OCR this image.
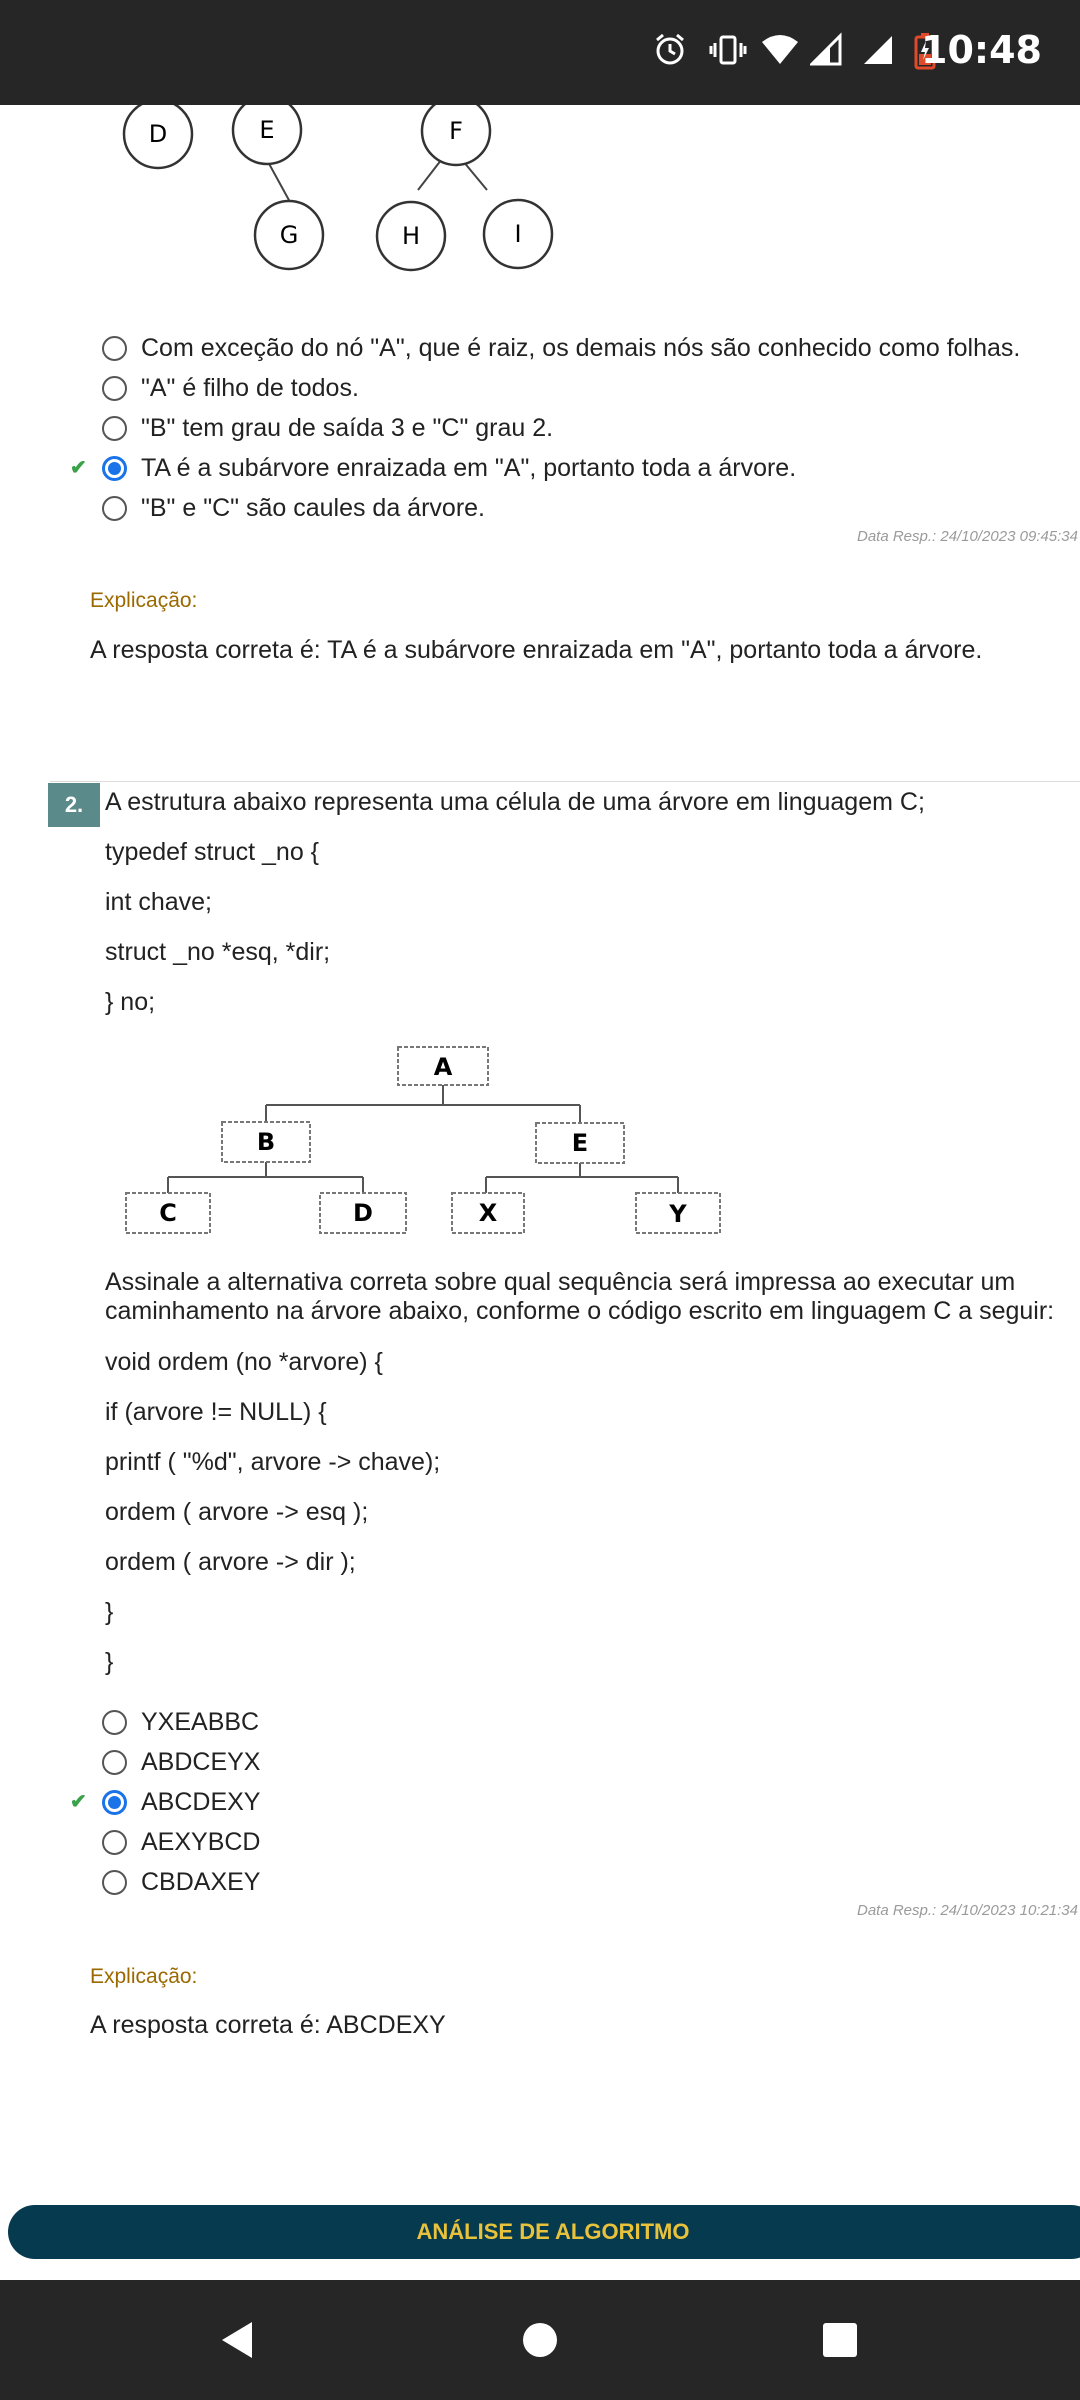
10:48
D	E	F
G	H	I
Com exceção do nó "A", que é raiz, os demais nós são conhecido como folhas.
"A" é filho de todos.
"B" tem grau de saída 3 e "C" grau 2.
✔ TA é a subárvore enraizada em "A", portanto toda a árvore.
"B" e "C" são caules da árvore.
Data Resp.: 24/10/2023 09:45:34
Explicação:
A resposta correta é: TA é a subárvore enraizada em "A", portanto toda a árvore.
2. A estrutura abaixo representa uma célula de uma árvore em linguagem C;
typedef struct _no {
int chave;
struct _no *esq, *dir;
} no;
A
B	E
C	D	X	Y
Assinale a alternativa correta sobre qual sequência será impressa ao executar um
caminhamento na árvore abaixo, conforme o código escrito em linguagem C a seguir:
void ordem (no *arvore) {
if (arvore != NULL) {
printf ( "%d", arvore -> chave);
ordem ( arvore -> esq );
ordem ( arvore -> dir );
}
}
YXEABBC
ABDCEYX
✔ ABCDEXY
AEXYBCD
CBDAXEY
Data Resp.: 24/10/2023 10:21:34
Explicação:
A resposta correta é: ABCDEXY
ANÁLISE DE ALGORITMO
